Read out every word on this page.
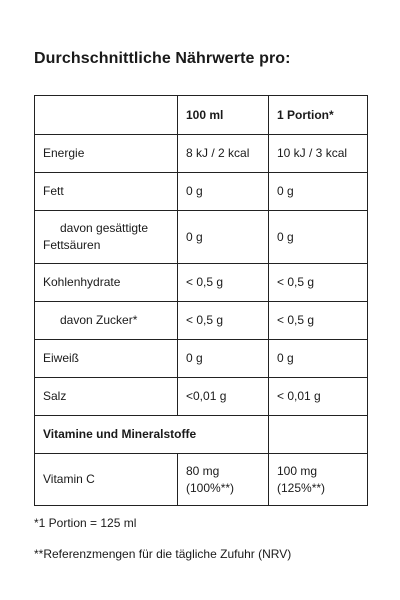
Durchschnittliche Nährwerte pro:
	100 ml	1 Portion*
Energie	8 kJ / 2 kcal	10 kJ / 3 kcal
Fett	0 g	0 g
davon gesättigte Fettsäuren	0 g	0 g
Kohlenhydrate	< 0,5 g	< 0,5 g
davon Zucker*	< 0,5 g	< 0,5 g
Eiweiß	0 g	0 g
Salz	<0,01 g	< 0,01 g
Vitamine und Mineralstoffe		
Vitamin C	80 mg (100%**)	100 mg (125%**)

*1 Portion = 125 ml

**Referenzmengen für die tägliche Zufuhr (NRV)
